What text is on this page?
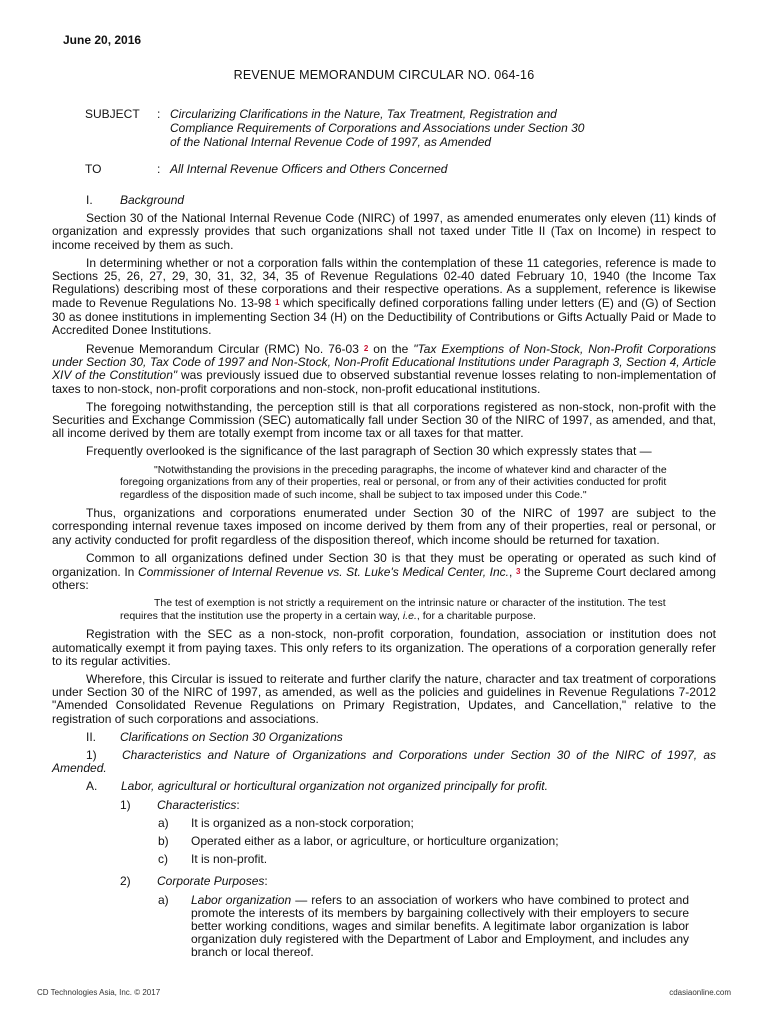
June 20, 2016
REVENUE MEMORANDUM CIRCULAR NO. 064-16
SUBJECT : Circularizing Clarifications in the Nature, Tax Treatment, Registration and Compliance Requirements of Corporations and Associations under Section 30 of the National Internal Revenue Code of 1997, as Amended
TO	: All Internal Revenue Officers and Others Concerned
I. Background

Section 30 of the National Internal Revenue Code (NIRC) of 1997, as amended enumerates only eleven (11) kinds of organization and expressly provides that such organizations shall not taxed under Title II (Tax on Income) in respect to income received by them as such.

In determining whether or not a corporation falls within the contemplation of these 11 categories, reference is made to Sections 25, 26, 27, 29, 30, 31, 32, 34, 35 of Revenue Regulations 02-40 dated February 10, 1940 (the Income Tax Regulations) describing most of these corporations and their respective operations. As a supplement, reference is likewise made to Revenue Regulations No. 13-98 1 which specifically defined corporations falling under letters (E) and (G) of Section 30 as donee institutions in implementing Section 34 (H) on the Deductibility of Contributions or Gifts Actually Paid or Made to Accredited Donee Institutions.

Revenue Memorandum Circular (RMC) No. 76-03 2 on the "Tax Exemptions of Non-Stock, Non-Profit Corporations under Section 30, Tax Code of 1997 and Non-Stock, Non-Profit Educational Institutions under Paragraph 3, Section 4, Article XIV of the Constitution" was previously issued due to observed substantial revenue losses relating to non-implementation of taxes to non-stock, non-profit corporations and non-stock, non-profit educational institutions.

The foregoing notwithstanding, the perception still is that all corporations registered as non-stock, non-profit with the Securities and Exchange Commission (SEC) automatically fall under Section 30 of the NIRC of 1997, as amended, and that, all income derived by them are totally exempt from income tax or all taxes for that matter.

Frequently overlooked is the significance of the last paragraph of Section 30 which expressly states that —

"Notwithstanding the provisions in the preceding paragraphs, the income of whatever kind and character of the foregoing organizations from any of their properties, real or personal, or from any of their activities conducted for profit regardless of the disposition made of such income, shall be subject to tax imposed under this Code."

Thus, organizations and corporations enumerated under Section 30 of the NIRC of 1997 are subject to the corresponding internal revenue taxes imposed on income derived by them from any of their properties, real or personal, or any activity conducted for profit regardless of the disposition thereof, which income should be returned for taxation.

Common to all organizations defined under Section 30 is that they must be operating or operated as such kind of organization. In Commissioner of Internal Revenue vs. St. Luke's Medical Center, Inc., 3 the Supreme Court declared among others:

The test of exemption is not strictly a requirement on the intrinsic nature or character of the institution. The test requires that the institution use the property in a certain way, i.e., for a charitable purpose.

Registration with the SEC as a non-stock, non-profit corporation, foundation, association or institution does not automatically exempt it from paying taxes. This only refers to its organization. The operations of a corporation generally refer to its regular activities.

Wherefore, this Circular is issued to reiterate and further clarify the nature, character and tax treatment of corporations under Section 30 of the NIRC of 1997, as amended, as well as the policies and guidelines in Revenue Regulations 7-2012 "Amended Consolidated Revenue Regulations on Primary Registration, Updates, and Cancellation," relative to the registration of such corporations and associations.

II. Clarifications on Section 30 Organizations
1) Characteristics and Nature of Organizations and Corporations under Section 30 of the NIRC of 1997, as Amended.
A.	Labor, agricultural or horticultural organization not organized principally for profit.
1)	Characteristics:
a)	It is organized as a non-stock corporation;
b)	Operated either as a labor, or agriculture, or horticulture organization;
c)	It is non-profit.
2)	Corporate Purposes:
a)	Labor organization — refers to an association of workers who have combined to protect and promote the interests of its members by bargaining collectively with their employers to secure better working conditions, wages and similar benefits. A legitimate labor organization is labor organization duly registered with the Department of Labor and Employment, and includes any branch or local thereof.
CD Technologies Asia, Inc. © 2017	cdasiaonline.com
